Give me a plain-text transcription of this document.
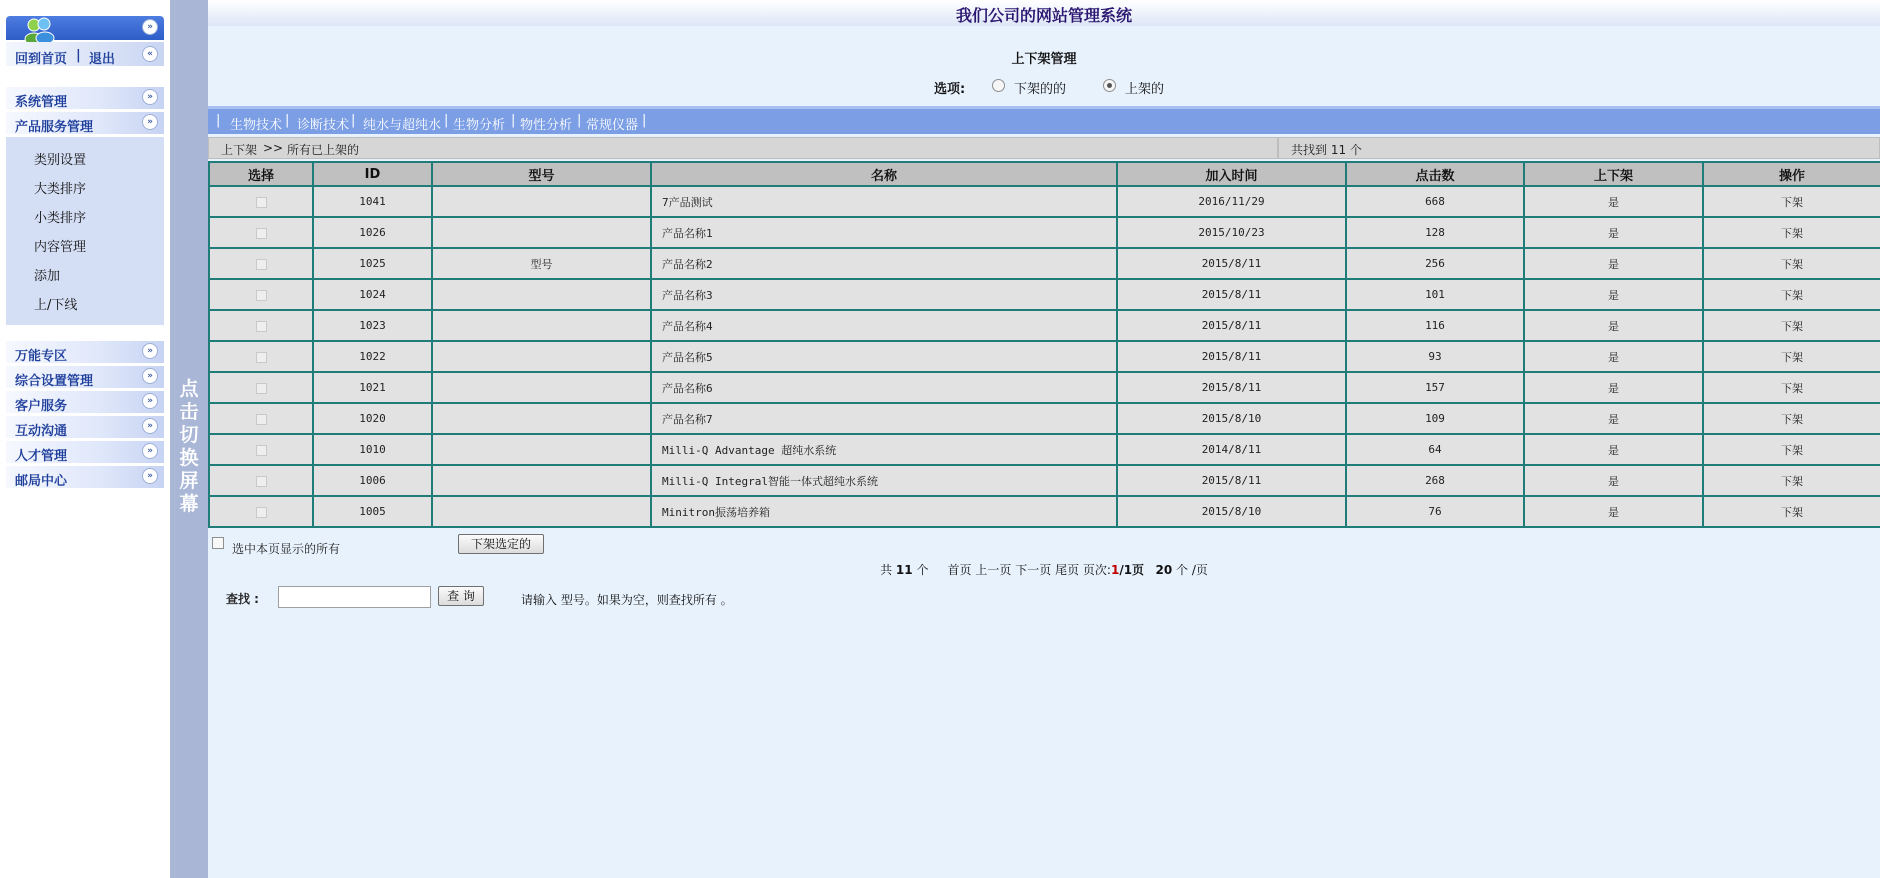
»
回到首页 | 退出	«
系统管理	»
产品服务管理	»
类别设置
大类排序
小类排序
内容管理
添加
上/下线
万能专区	»
综合设置管理	»
客户服务	»
互动沟通	»
人才管理	»
邮局中心	»
点击切换屏幕
我们公司的网站管理系统
上下架管理
选项:	下架的的	上架的
| 生物技术 | 诊断技术 | 纯水与超纯水 | 生物分析 | 物性分析 | 常规仪器 |
上下架 >> 所有已上架的	共找到 11 个
选择	ID	型号	名称	加入时间	点击数	上下架	操作
	1041		7产品测试	2016/11/29	668	是	下架
	1026		产品名称1	2015/10/23	128	是	下架
	1025	型号	产品名称2	2015/8/11	256	是	下架
	1024		产品名称3	2015/8/11	101	是	下架
	1023		产品名称4	2015/8/11	116	是	下架
	1022		产品名称5	2015/8/11	93	是	下架
	1021		产品名称6	2015/8/11	157	是	下架
	1020		产品名称7	2015/8/10	109	是	下架
	1010		Milli-Q Advantage 超纯水系统	2014/8/11	64	是	下架
	1006		Milli-Q Integral智能一体式超纯水系统	2015/8/11	268	是	下架
	1005		Minitron振荡培养箱	2015/8/10	76	是	下架
选中本页显示的所有	下架选定的
共 11 个 首页 上一页 下一页 尾页 页次:1/1页 20 个 /页
查找 :	查 询	请输入 型号。如果为空，则查找所有 。
